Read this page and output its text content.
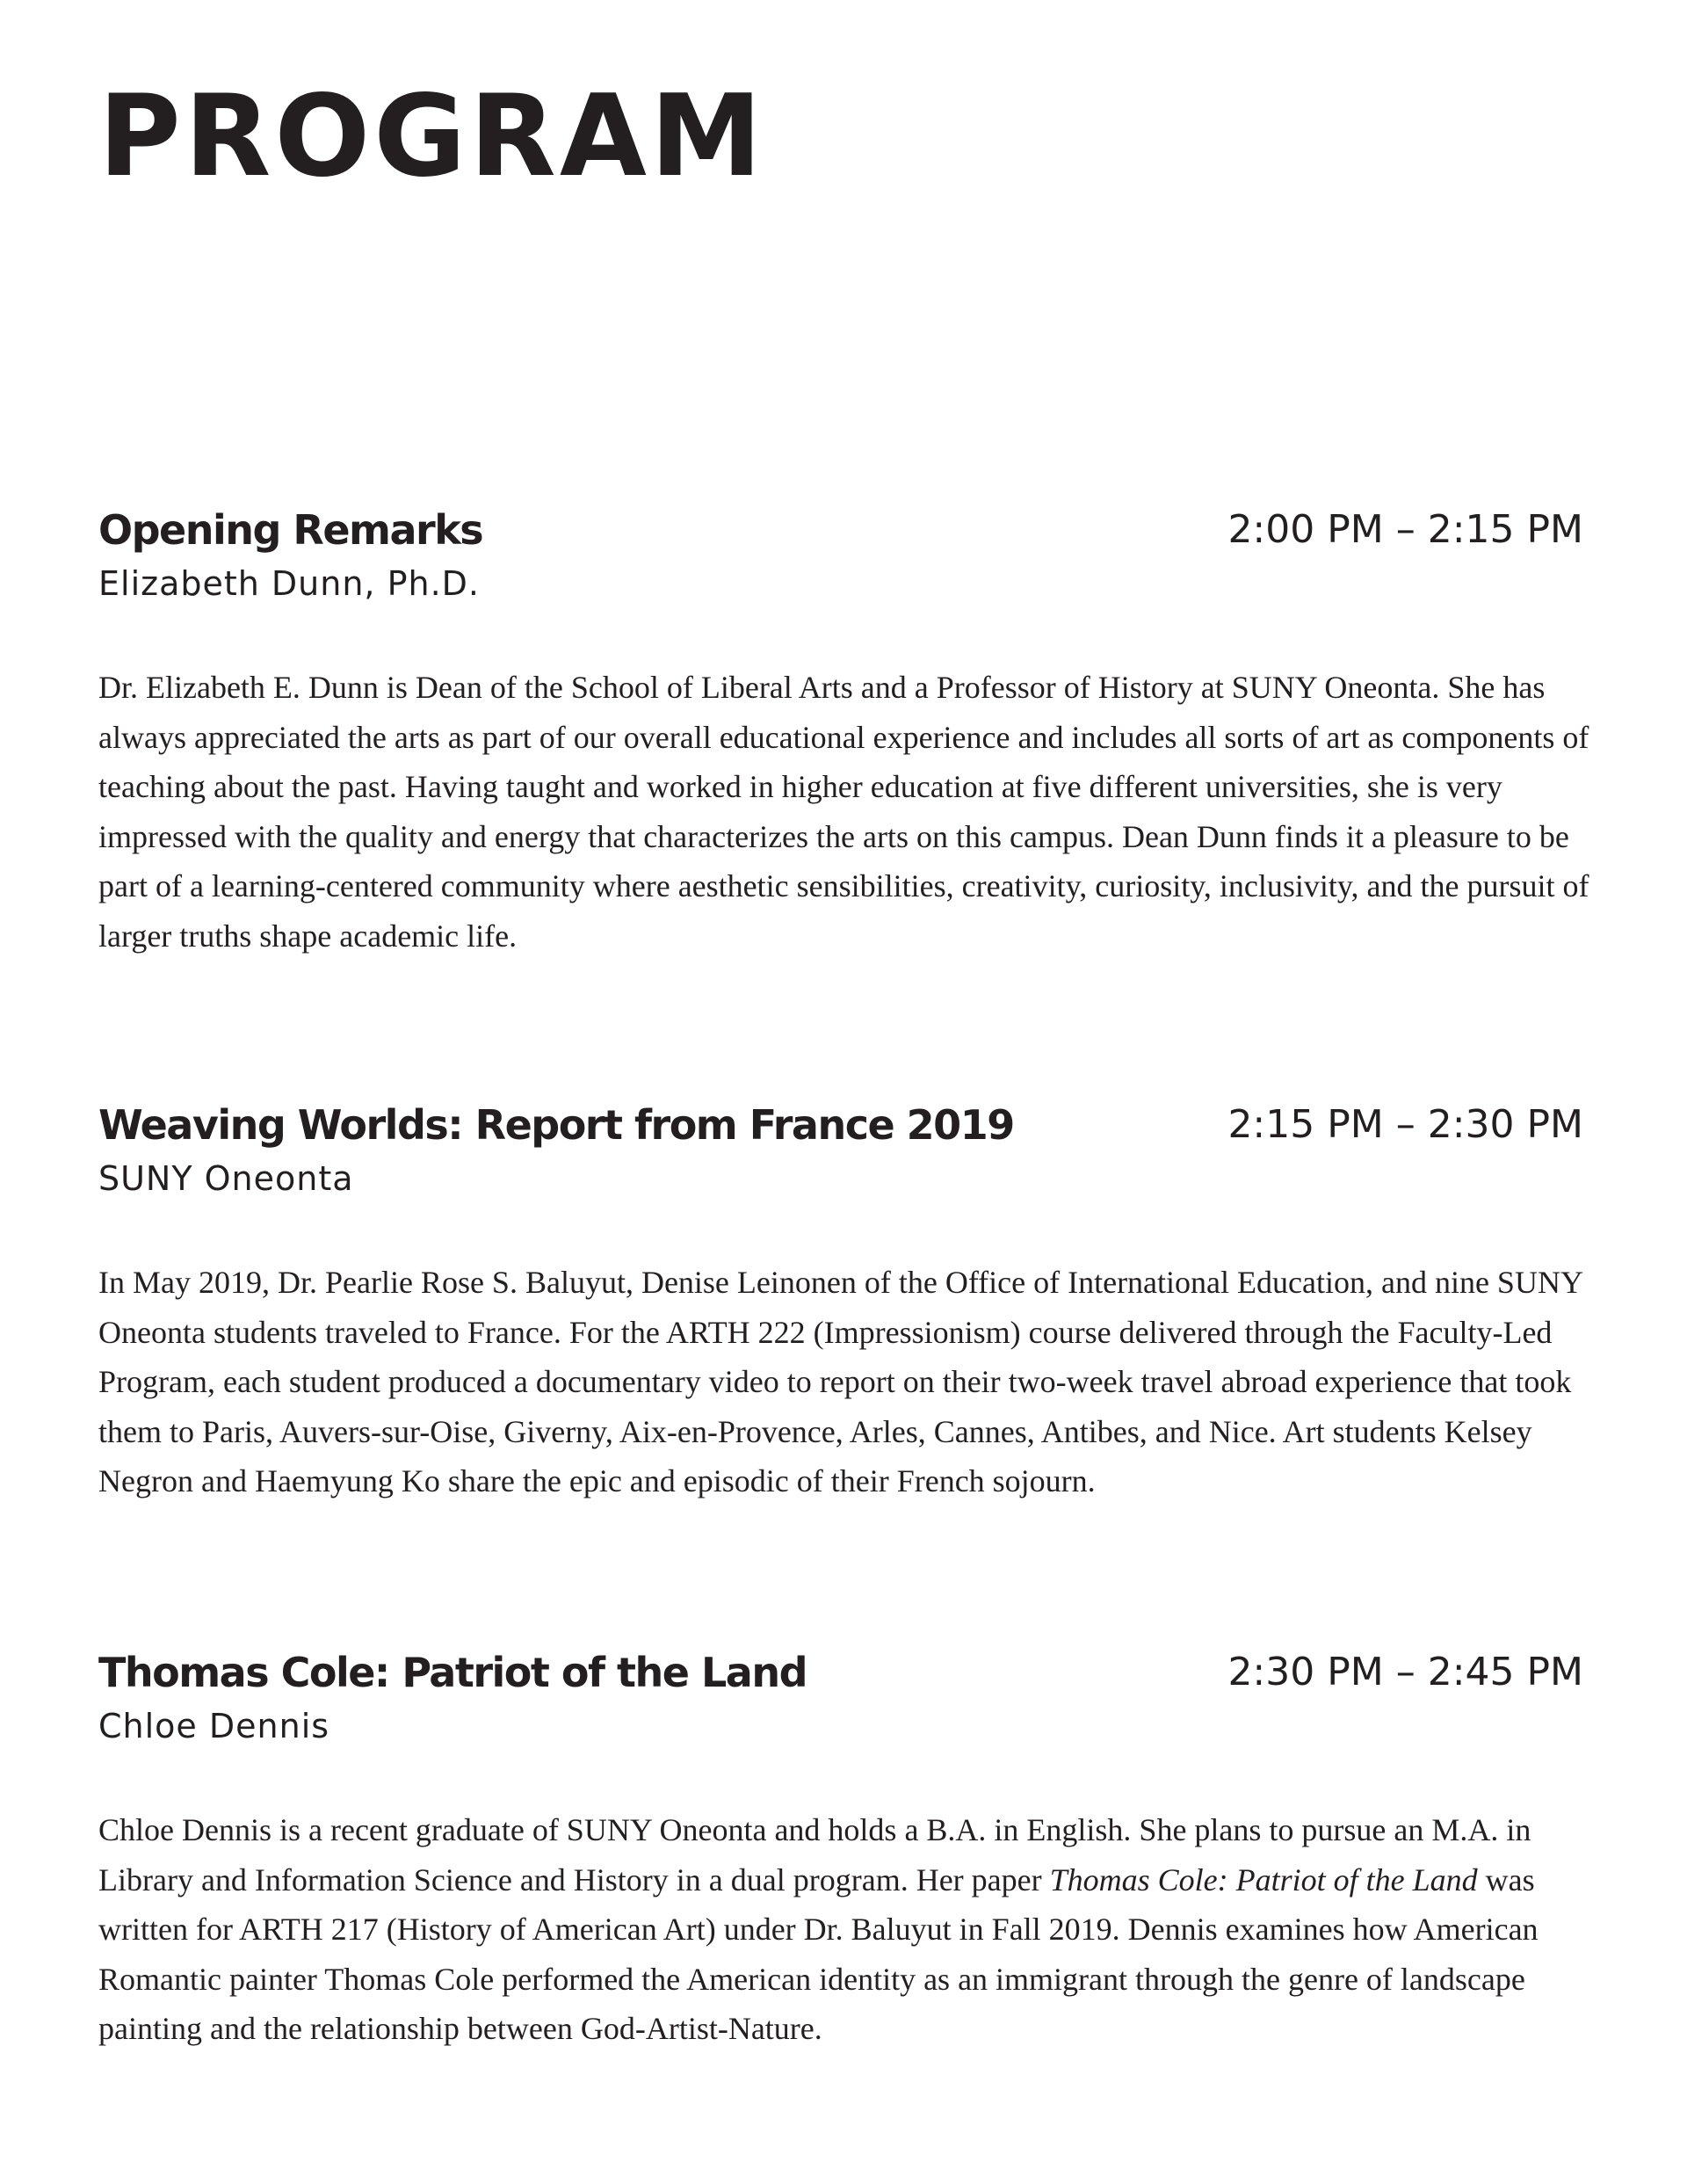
PROGRAM
Opening Remarks	2:00 PM – 2:15 PM

Elizabeth Dunn, Ph.D.

Dr. Elizabeth E. Dunn is Dean of the School of Liberal Arts and a Professor of History at SUNY Oneonta. She has always appreciated the arts as part of our overall educational experience and includes all sorts of art as components of teaching about the past. Having taught and worked in higher education at five different universities, she is very impressed with the quality and energy that characterizes the arts on this campus. Dean Dunn finds it a pleasure to be part of a learning-centered community where aesthetic sensibilities, creativity, curiosity, inclusivity, and the pursuit of larger truths shape academic life.

Weaving Worlds: Report from France 2019	2:15 PM – 2:30 PM

SUNY Oneonta

In May 2019, Dr. Pearlie Rose S. Baluyut, Denise Leinonen of the Office of International Education, and nine SUNY Oneonta students traveled to France. For the ARTH 222 (Impressionism) course delivered through the Faculty-Led Program, each student produced a documentary video to report on their two-week travel abroad experience that took them to Paris, Auvers-sur-Oise, Giverny, Aix-en-Provence, Arles, Cannes, Antibes, and Nice. Art students Kelsey Negron and Haemyung Ko share the epic and episodic of their French sojourn.

Thomas Cole: Patriot of the Land	2:30 PM – 2:45 PM

Chloe Dennis

Chloe Dennis is a recent graduate of SUNY Oneonta and holds a B.A. in English. She plans to pursue an M.A. in Library and Information Science and History in a dual program. Her paper Thomas Cole: Patriot of the Land was written for ARTH 217 (History of American Art) under Dr. Baluyut in Fall 2019. Dennis examines how American Romantic painter Thomas Cole performed the American identity as an immigrant through the genre of landscape painting and the relationship between God-Artist-Nature.
